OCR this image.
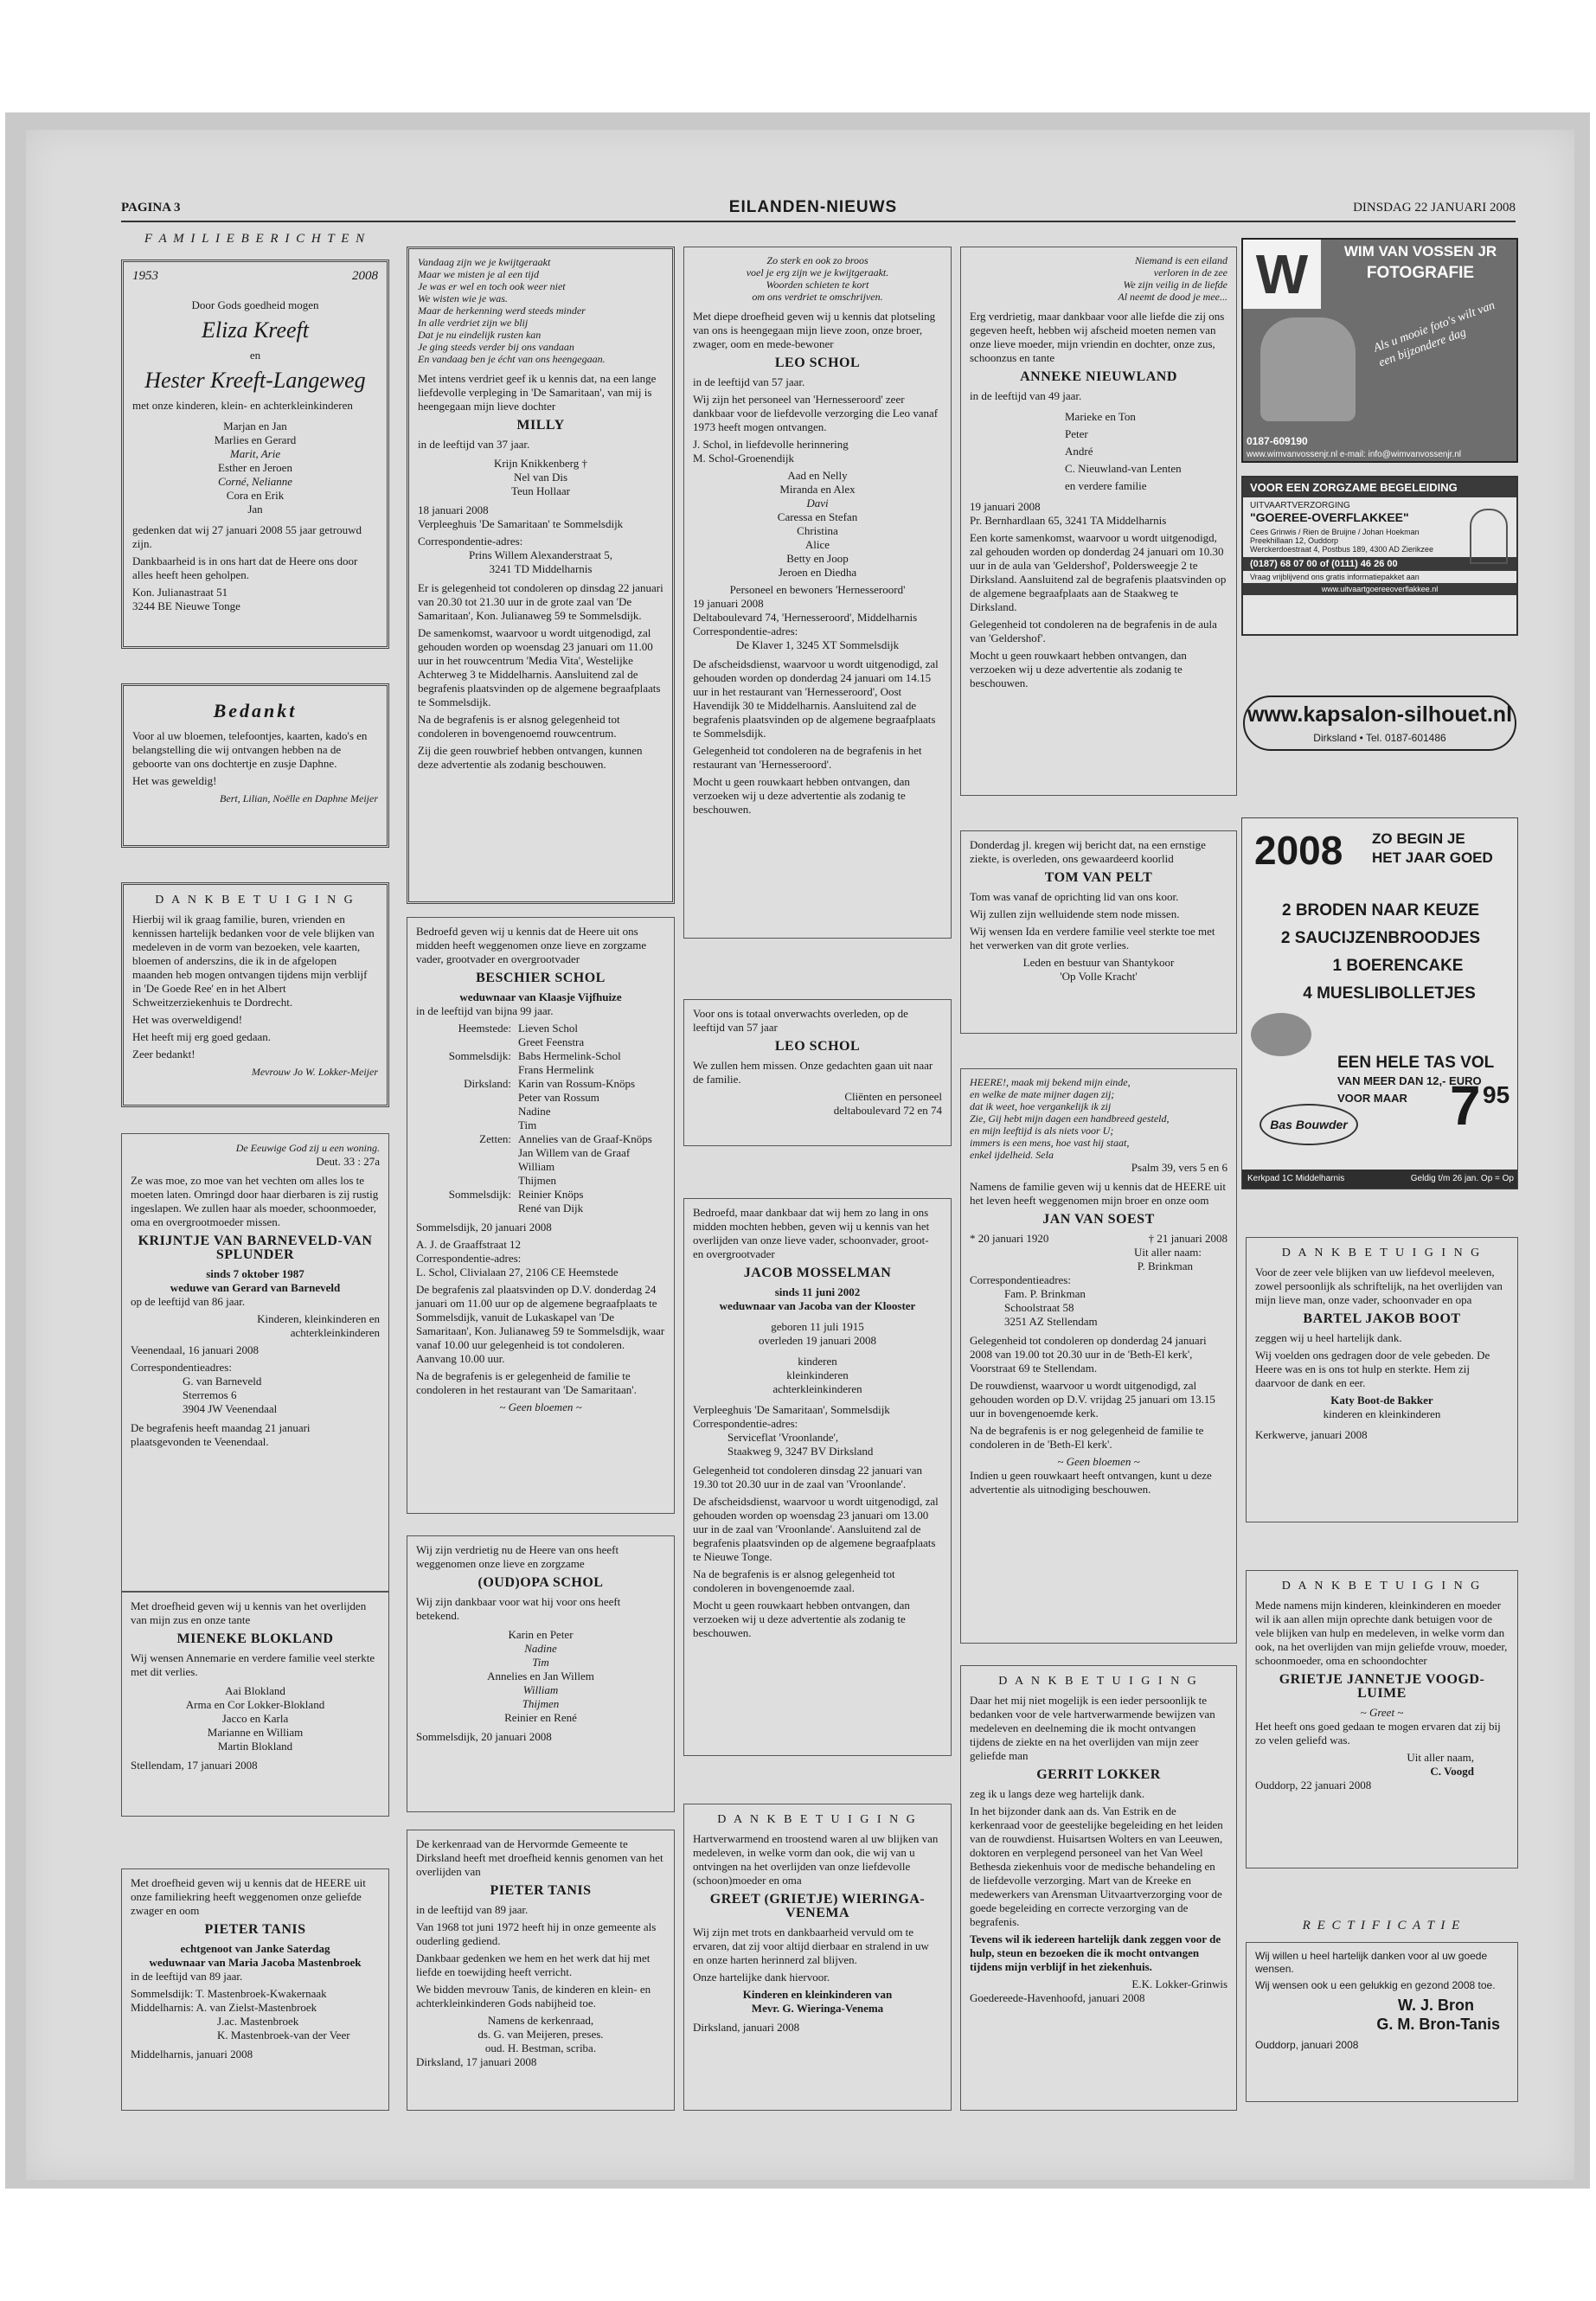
PAGINA 3	EILANDEN-NIEUWS	DINSDAG 22 JANUARI 2008
F A M I L I E B E R I C H T E N
1953	2008

Door Gods goedheid mogen

Eliza Kreeft

en

Hester Kreeft-Langeweg

met onze kinderen, klein- en achterkleinkinderen

Marjan en Jan
Marlies en Gerard
Marit, Arie
Esther en Jeroen
Corné, Nelianne
Cora en Erik
Jan

gedenken dat wij 27 januari 2008 55 jaar getrouwd zijn.

Dankbaarheid is in ons hart dat de Heere ons door alles heeft heen geholpen.

Kon. Julianastraat 51
3244 BE Nieuwe Tonge
Bedankt

Voor al uw bloemen, telefoontjes, kaarten, kado's en belangstelling die wij ontvangen hebben na de geboorte van ons dochtertje en zusje Daphne.

Het was geweldig!

Bert, Lilian, Noëlle en Daphne Meijer
D A N K B E T U I G I N G

Hierbij wil ik graag familie, buren, vrienden en kennissen hartelijk bedanken voor de vele blijken van medeleven in de vorm van bezoeken, vele kaarten, bloemen of anderszins, die ik in de afgelopen maanden heb mogen ontvangen tijdens mijn verblijf in 'De Goede Ree' en in het Albert Schweitzerziekenhuis te Dordrecht.

Het was overweldigend!

Het heeft mij erg goed gedaan.

Zeer bedankt!

Mevrouw Jo W. Lokker-Meijer
De Eeuwige God zij u een woning.
Deut. 33 : 27a

Ze was moe, zo moe van het vechten om alles los te moeten laten. Omringd door haar dierbaren is zij rustig ingeslapen. We zullen haar als moeder, schoonmoeder, oma en overgrootmoeder missen.

KRIJNTJE VAN BARNEVELD-VAN SPLUNDER
sinds 7 oktober 1987
weduwe van Gerard van Barneveld

op de leeftijd van 86 jaar.

Kinderen, kleinkinderen en achterkleinkinderen

Veenendaal, 16 januari 2008

Correspondentieadres:
G. van Barneveld
Sterremos 6
3904 JW Veenendaal

De begrafenis heeft maandag 21 januari plaatsgevonden te Veenendaal.

Met droefheid geven wij u kennis van het overlijden van mijn zus en onze tante

MIENEKE BLOKLAND

Wij wensen Annemarie en verdere familie veel sterkte met dit verlies.

Aai Blokland
Arma en Cor Lokker-Blokland
Jacco en Karla
Marianne en William
Martin Blokland

Stellendam, 17 januari 2008

Met droefheid geven wij u kennis dat de HEERE uit onze familiekring heeft weggenomen onze geliefde zwager en oom

PIETER TANIS
echtgenoot van Janke Saterdag
weduwnaar van Maria Jacoba Mastenbroek

in de leeftijd van 89 jaar.

Sommelsdijk: T. Mastenbroek-Kwakernaak
Middelharnis: A. van Zielst-Mastenbroek
J.ac. Mastenbroek
K. Mastenbroek-van der Veer

Middelharnis, januari 2008

Vandaag zijn we je kwijtgeraakt
Maar we misten je al een tijd
Je was er wel en toch ook weer niet
We wisten wie je was.
Maar de herkenning werd steeds minder
In alle verdriet zijn we blij
Dat je nu eindelijk rusten kan
Je ging steeds verder bij ons vandaan
En vandaag ben je écht van ons heengegaan.

Met intens verdriet geef ik u kennis dat, na een lange liefdevolle verpleging in 'De Samaritaan', van mij is heengegaan mijn lieve dochter

MILLY

in de leeftijd van 37 jaar.

Krijn Knikkenberg †
Nel van Dis
Teun Hollaar
18 januari 2008

Verpleeghuis 'De Samaritaan' te Sommelsdijk

Correspondentie-adres:
Prins Willem Alexanderstraat 5,
3241 TD Middelharnis

Er is gelegenheid tot condoleren op dinsdag 22 januari van 20.30 tot 21.30 uur in de grote zaal van 'De Samaritaan', Kon. Julianaweg 59 te Sommelsdijk.

De samenkomst, waarvoor u wordt uitgenodigd, zal gehouden worden op woensdag 23 januari om 11.00 uur in het rouwcentrum 'Media Vita', Westelijke Achterweg 3 te Middelharnis. Aansluitend zal de begrafenis plaatsvinden op de algemene begraafplaats te Sommelsdijk.

Na de begrafenis is er alsnog gelegenheid tot condoleren in bovengenoemd rouwcentrum.

Zij die geen rouwbrief hebben ontvangen, kunnen deze advertentie als zodanig beschouwen.

Bedroefd geven wij u kennis dat de Heere uit ons midden heeft weggenomen onze lieve en zorgzame vader, grootvader en overgrootvader

BESCHIER SCHOL
weduwnaar van Klaasje Vijfhuize

in de leeftijd van bijna 99 jaar.

Heemstede: Lieven Schol
Greet Feenstra
Sommelsdijk: Babs Hermelink-Schol
Frans Hermelink
Dirksland: Karin van Rossum-Knöps
Peter van Rossum
Nadine
Tim
Zetten: Annelies van de Graaf-Knöps
Jan Willem van de Graaf
William
Thijmen
Sommelsdijk: Reinier Knöps
René van Dijk

Sommelsdijk, 20 januari 2008

A. J. de Graaffstraat 12
Correspondentie-adres:

L. Schol, Clivialaan 27, 2106 CE Heemstede

De begrafenis zal plaatsvinden op D.V. donderdag 24 januari om 11.00 uur op de algemene begraafplaats te Sommelsdijk, vanuit de Lukaskapel van 'De Samaritaan', Kon. Julianaweg 59 te Sommelsdijk, waar vanaf 10.00 uur gelegenheid is tot condoleren. Aanvang 10.00 uur.

Na de begrafenis is er gelegenheid de familie te condoleren in het restaurant van 'De Samaritaan'.

~ Geen bloemen ~

Wij zijn verdrietig nu de Heere van ons heeft weggenomen onze lieve en zorgzame

(OUD)OPA SCHOL

Wij zijn dankbaar voor wat hij voor ons heeft betekend.

Karin en Peter
Nadine
Tim
Annelies en Jan Willem
William
Thijmen
Reinier en René

Sommelsdijk, 20 januari 2008

De kerkenraad van de Hervormde Gemeente te Dirksland heeft met droefheid kennis genomen van het overlijden van

PIETER TANIS

in de leeftijd van 89 jaar.

Van 1968 tot juni 1972 heeft hij in onze gemeente als ouderling gediend.

Dankbaar gedenken we hem en het werk dat hij met liefde en toewijding heeft verricht.

We bidden mevrouw Tanis, de kinderen en klein- en achterkleinkinderen Gods nabijheid toe.

Namens de kerkenraad,
ds. G. van Meijeren, preses.
oud. H. Bestman, scriba.

Dirksland, 17 januari 2008

Zo sterk en ook zo broos
voel je erg zijn we je kwijtgeraakt.
Woorden schieten te kort
om ons verdriet te omschrijven.

Met diepe droefheid geven wij u kennis dat plotseling van ons is heengegaan mijn lieve zoon, onze broer, zwager, oom en mede-bewoner

LEO SCHOL

in de leeftijd van 57 jaar.

Wij zijn het personeel van 'Hernesseroord' zeer dankbaar voor de liefdevolle verzorging die Leo vanaf 1973 heeft mogen ontvangen.

J. Schol, in liefdevolle herinnering
M. Schol-Groenendijk
Aad en Nelly
Miranda en Alex
Davi
Caressa en Stefan
Christina
Alice
Betty en Joop
Jeroen en Diedha
Personeel en bewoners 'Hernesseroord'
19 januari 2008
Deltaboulevard 74, 'Hernesseroord', Middelharnis
Correspondentie-adres:
De Klaver 1, 3245 XT Sommelsdijk

De afscheidsdienst, waarvoor u wordt uitgenodigd, zal gehouden worden op donderdag 24 januari om 14.15 uur in het restaurant van 'Hernesseroord', Oost Havendijk 30 te Middelharnis. Aansluitend zal de begrafenis plaatsvinden op de algemene begraafplaats te Sommelsdijk.

Gelegenheid tot condoleren na de begrafenis in het restaurant van 'Hernesseroord'.

Mocht u geen rouwkaart hebben ontvangen, dan verzoeken wij u deze advertentie als zodanig te beschouwen.

Voor ons is totaal onverwachts overleden, op de leeftijd van 57 jaar

LEO SCHOL

We zullen hem missen. Onze gedachten gaan uit naar de familie.

Cliënten en personeel
deltaboulevard 72 en 74

Bedroefd, maar dankbaar dat wij hem zo lang in ons midden mochten hebben, geven wij u kennis van het overlijden van onze lieve vader, schoonvader, groot- en overgrootvader

JACOB MOSSELMAN
sinds 11 juni 2002
weduwnaar van Jacoba van der Klooster
geboren 11 juli 1915
overleden 19 januari 2008
kinderen
kleinkinderen
achterkleinkinderen
Verpleeghuis 'De Samaritaan', Sommelsdijk
Correspondentie-adres:
Serviceflat 'Vroonlande',
Staakweg 9, 3247 BV Dirksland

Gelegenheid tot condoleren dinsdag 22 januari van 19.30 tot 20.30 uur in de zaal van 'Vroonlande'.

De afscheidsdienst, waarvoor u wordt uitgenodigd, zal gehouden worden op woensdag 23 januari om 13.00 uur in de zaal van 'Vroonlande'. Aansluitend zal de begrafenis plaatsvinden op de algemene begraafplaats te Nieuwe Tonge.

Na de begrafenis is er alsnog gelegenheid tot condoleren in bovengenoemde zaal.

Mocht u geen rouwkaart hebben ontvangen, dan verzoeken wij u deze advertentie als zodanig te beschouwen.

D A N K B E T U I G I N G

Hartverwarmend en troostend waren al uw blijken van medeleven, in welke vorm dan ook, die wij van u ontvingen na het overlijden van onze liefdevolle (schoon)moeder en oma

GREET (GRIETJE) WIERINGA-VENEMA

Wij zijn met trots en dankbaarheid vervuld om te ervaren, dat zij voor altijd dierbaar en stralend in uw en onze harten herinnerd zal blijven.

Onze hartelijke dank hiervoor.

Kinderen en kleinkinderen van
Mevr. G. Wieringa-Venema

Dirksland, januari 2008

Niemand is een eiland
verloren in de zee
We zijn veilig in de liefde
Al neemt de dood je mee...

Erg verdrietig, maar dankbaar voor alle liefde die zij ons gegeven heeft, hebben wij afscheid moeten nemen van onze lieve moeder, mijn vriendin en dochter, onze zus, schoonzus en tante

ANNEKE NIEUWLAND

in de leeftijd van 49 jaar.

Marieke en Ton
Peter
André
C. Nieuwland-van Lenten
en verdere familie
19 januari 2008

Pr. Bernhardlaan 65, 3241 TA Middelharnis

Een korte samenkomst, waarvoor u wordt uitgenodigd, zal gehouden worden op donderdag 24 januari om 10.30 uur in de aula van 'Geldershof', Poldersweegje 2 te Dirksland. Aansluitend zal de begrafenis plaatsvinden op de algemene begraafplaats aan de Staakweg te Dirksland.

Gelegenheid tot condoleren na de begrafenis in de aula van 'Geldershof'.

Mocht u geen rouwkaart hebben ontvangen, dan verzoeken wij u deze advertentie als zodanig te beschouwen.

Donderdag jl. kregen wij bericht dat, na een ernstige ziekte, is overleden, ons gewaardeerd koorlid

TOM VAN PELT

Tom was vanaf de oprichting lid van ons koor.

Wij zullen zijn welluidende stem node missen.

Wij wensen Ida en verdere familie veel sterkte toe met het verwerken van dit grote verlies.

Leden en bestuur van Shantykoor
'Op Volle Kracht'
HEERE!, maak mij bekend mijn einde,
en welke de mate mijner dagen zij;
dat ik weet, hoe vergankelijk ik zij
Zie, Gij hebt mijn dagen een handbreed gesteld,
en mijn leeftijd is als niets voor U;
immers is een mens, hoe vast hij staat,
enkel ijdelheid. Sela
Psalm 39, vers 5 en 6

Namens de familie geven wij u kennis dat de HEERE uit het leven heeft weggenomen mijn broer en onze oom

JAN VAN SOEST
* 20 januari 1920	† 21 januari 2008
Uit aller naam:
P. Brinkman
Correspondentieadres:
Fam. P. Brinkman
Schoolstraat 58
3251 AZ Stellendam

Gelegenheid tot condoleren op donderdag 24 januari 2008 van 19.00 tot 20.30 uur in de 'Beth-El kerk', Voorstraat 69 te Stellendam.

De rouwdienst, waarvoor u wordt uitgenodigd, zal gehouden worden op D.V. vrijdag 25 januari om 13.15 uur in bovengenoemde kerk.

Na de begrafenis is er nog gelegenheid de familie te condoleren in de 'Beth-El kerk'.

~ Geen bloemen ~

Indien u geen rouwkaart heeft ontvangen, kunt u deze advertentie als uitnodiging beschouwen.

D A N K B E T U I G I N G

Daar het mij niet mogelijk is een ieder persoonlijk te bedanken voor de vele hartverwarmende bewijzen van medeleven en deelneming die ik mocht ontvangen tijdens de ziekte en na het overlijden van mijn zeer geliefde man

GERRIT LOKKER

zeg ik u langs deze weg hartelijk dank.

In het bijzonder dank aan ds. Van Estrik en de kerkenraad voor de geestelijke begeleiding en het leiden van de rouwdienst. Huisartsen Wolters en van Leeuwen, doktoren en verplegend personeel van het Van Weel Bethesda ziekenhuis voor de medische behandeling en de liefdevolle verzorging. Mart van de Kreeke en medewerkers van Arensman Uitvaartverzorging voor de goede begeleiding en correcte verzorging van de begrafenis.

Tevens wil ik iedereen hartelijk dank zeggen voor de hulp, steun en bezoeken die ik mocht ontvangen tijdens mijn verblijf in het ziekenhuis.

E.K. Lokker-Grinwis

Goedereede-Havenhoofd, januari 2008

W	WIM VAN VOSSEN JR
FOTOGRAFIE
Als u mooie foto's wilt van een bijzondere dag
0187-609190
www.wimvanvossenjr.nl e-mail: info@wimvanvossenjr.nl
VOOR EEN ZORGZAME BEGELEIDING
UITVAARTVERZORGING
"GOEREE-OVERFLAKKEE"
Cees Grinwis / Rien de Bruijne / Johan Hoekman
Preekhillaan 12, Ouddorp
Werckerdoestraat 4, Postbus 189, 4300 AD Zierikzee
(0187) 68 07 00 of (0111) 46 26 00
Vraag vrijblijvend ons gratis informatiepakket aan
www.uitvaartgoereeoverflakkee.nl
www.kapsalon-silhouet.nl
Dirksland • Tel. 0187-601486
2008 ZO BEGIN JE
HET JAAR GOED
2 BRODEN NAAR KEUZE
2 SAUCIJZENBROODJES
1 BOERENCAKE
4 MUESLIBOLLETJES
EEN HELE TAS VOL
VAN MEER DAN 12,- EURO
VOOR MAAR 7 95
Bas Bouwder
Kerkpad 1C Middelharnis	Geldig t/m 26 jan. Op = Op
D A N K B E T U I G I N G

Voor de zeer vele blijken van uw liefdevol meeleven, zowel persoonlijk als schriftelijk, na het overlijden van mijn lieve man, onze vader, schoonvader en opa

BARTEL JAKOB BOOT

zeggen wij u heel hartelijk dank.

Wij voelden ons gedragen door de vele gebeden. De Heere was en is ons tot hulp en sterkte. Hem zij daarvoor de dank en eer.

Katy Boot-de Bakker
kinderen en kleinkinderen

Kerkwerve, januari 2008

D A N K B E T U I G I N G

Mede namens mijn kinderen, kleinkinderen en moeder wil ik aan allen mijn oprechte dank betuigen voor de vele blijken van hulp en medeleven, in welke vorm dan ook, na het overlijden van mijn geliefde vrouw, moeder, schoonmoeder, oma en schoondochter

GRIETJE JANNETJE VOOGD-LUIME
~ Greet ~

Het heeft ons goed gedaan te mogen ervaren dat zij bij zo velen geliefd was.

Uit aller naam,
C. Voogd

Ouddorp, 22 januari 2008

R E C T I F I C A T I E

Wij willen u heel hartelijk danken voor al uw goede wensen.

Wij wensen ook u een gelukkig en gezond 2008 toe.

W. J. Bron
G. M. Bron-Tanis

Ouddorp, januari 2008
